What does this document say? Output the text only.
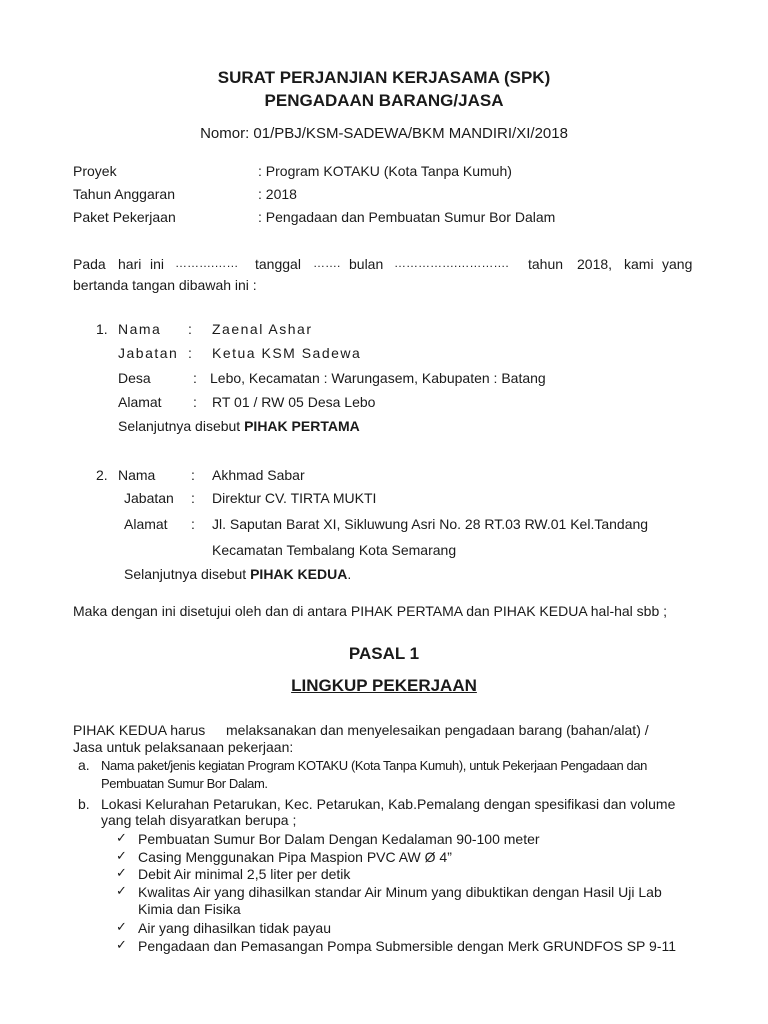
SURAT PERJANJIAN KERJASAMA (SPK)
PENGADAAN BARANG/JASA
Nomor: 01/PBJ/KSM-SADEWA/BKM MANDIRI/XI/2018
Proyek	: Program KOTAKU (Kota Tanpa Kumuh)
Tahun Anggaran	: 2018
Paket Pekerjaan	: Pengadaan dan Pembuatan Sumur Bor Dalam
Pada hari ini ……….…… tanggal ……. bulan …………….…………. tahun 2018, kami yang
bertanda tangan dibawah ini :
1. Nama : Zaenal Ashar
Jabatan : Ketua KSM Sadewa
Desa	: Lebo, Kecamatan : Warungasem, Kabupaten : Batang
Alamat : RT 01 / RW 05 Desa Lebo
Selanjutnya disebut PIHAK PERTAMA
2. Nama	: Akhmad Sabar
Jabatan : Direktur CV. TIRTA MUKTI
Alamat : Jl. Saputan Barat XI, Sikluwung Asri No. 28 RT.03 RW.01 Kel.Tandang
Kecamatan Tembalang Kota Semarang
Selanjutnya disebut PIHAK KEDUA.
Maka dengan ini disetujui oleh dan di antara PIHAK PERTAMA dan PIHAK KEDUA hal-hal sbb ;
PASAL 1
LINGKUP PEKERJAAN
PIHAK KEDUA harus melaksanakan dan menyelesaikan pengadaan barang (bahan/alat) /
Jasa untuk pelaksanaan pekerjaan:
a. Nama paket/jenis kegiatan Program KOTAKU (Kota Tanpa Kumuh), untuk Pekerjaan Pengadaan dan
Pembuatan Sumur Bor Dalam.
b. Lokasi Kelurahan Petarukan, Kec. Petarukan, Kab.Pemalang dengan spesifikasi dan volume
yang telah disyaratkan berupa ;
✓ Pembuatan Sumur Bor Dalam Dengan Kedalaman 90-100 meter
✓ Casing Menggunakan Pipa Maspion PVC AW Ø 4”
✓ Debit Air minimal 2,5 liter per detik
✓ Kwalitas Air yang dihasilkan standar Air Minum yang dibuktikan dengan Hasil Uji Lab
Kimia dan Fisika
✓ Air yang dihasilkan tidak payau
✓ Pengadaan dan Pemasangan Pompa Submersible dengan Merk GRUNDFOS SP 9-11
